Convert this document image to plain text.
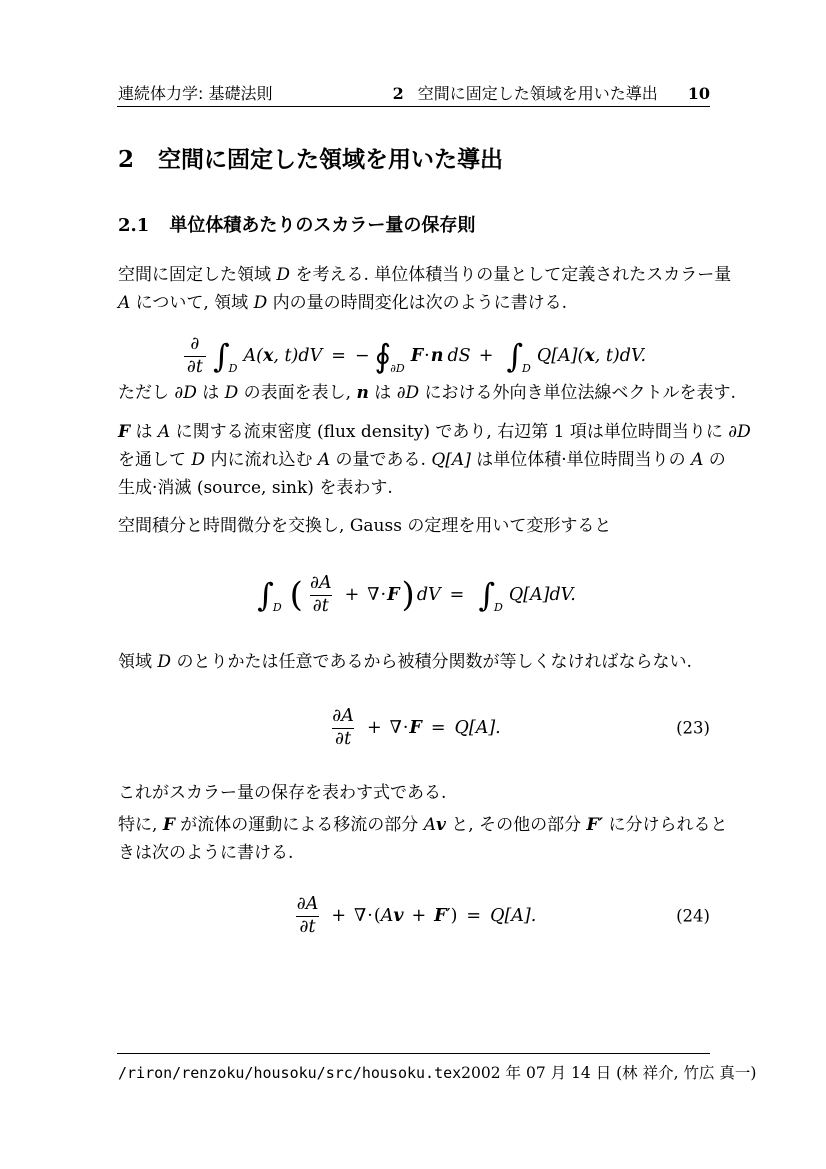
連続体力学: 基礎法則	2 空間に固定した領域を用いた導出 10
2 空間に固定した領域を用いた導出
2.1 単位体積あたりのスカラー量の保存則
空間に固定した領域 D を考える. 単位体積当りの量として定義されたスカラー量
A について, 領域 D 内の量の時間変化は次のように書ける.
$\frac{\partial}{\partial t}$ ∫ D
A( x , t)dV = − ∮ ∂D
F · n dS + ∫ D
Q[A]( x , t)dV.
ただし ∂D は D の表面を表し, n は ∂D における外向き単位法線ベクトルを表す.
F は A に関する流束密度 (flux density) であり, 右辺第 1 項は単位時間当りに ∂D
を通して D 内に流れ込む A の量である. Q[A] は単位体積·単位時間当りの A の
生成·消滅 (source, sink) を表わす.
空間積分と時間微分を交換し, Gauss の定理を用いて変形すると
∫ D ( $\frac{\partial A}{\partial t}$ + ∇ · F ) dV = ∫ D
Q[A]dV.
領域 D のとりかたは任意であるから被積分関数が等しくなければならない.
$\frac{\partial A}{\partial t}$ + ∇ · F = Q[A].	(23)
これがスカラー量の保存を表わす式である.
特に, F が流体の運動による移流の部分 Av と, その他の部分 F′ に分けられると
きは次のように書ける.
$\frac{\partial A}{\partial t}$ + ∇ · ( A v + F ′ ) = Q[A].	(24)
/riron/renzoku/housoku/src/housoku.tex 2002 年 07 月 14 日 (林 祥介, 竹広 真一)
